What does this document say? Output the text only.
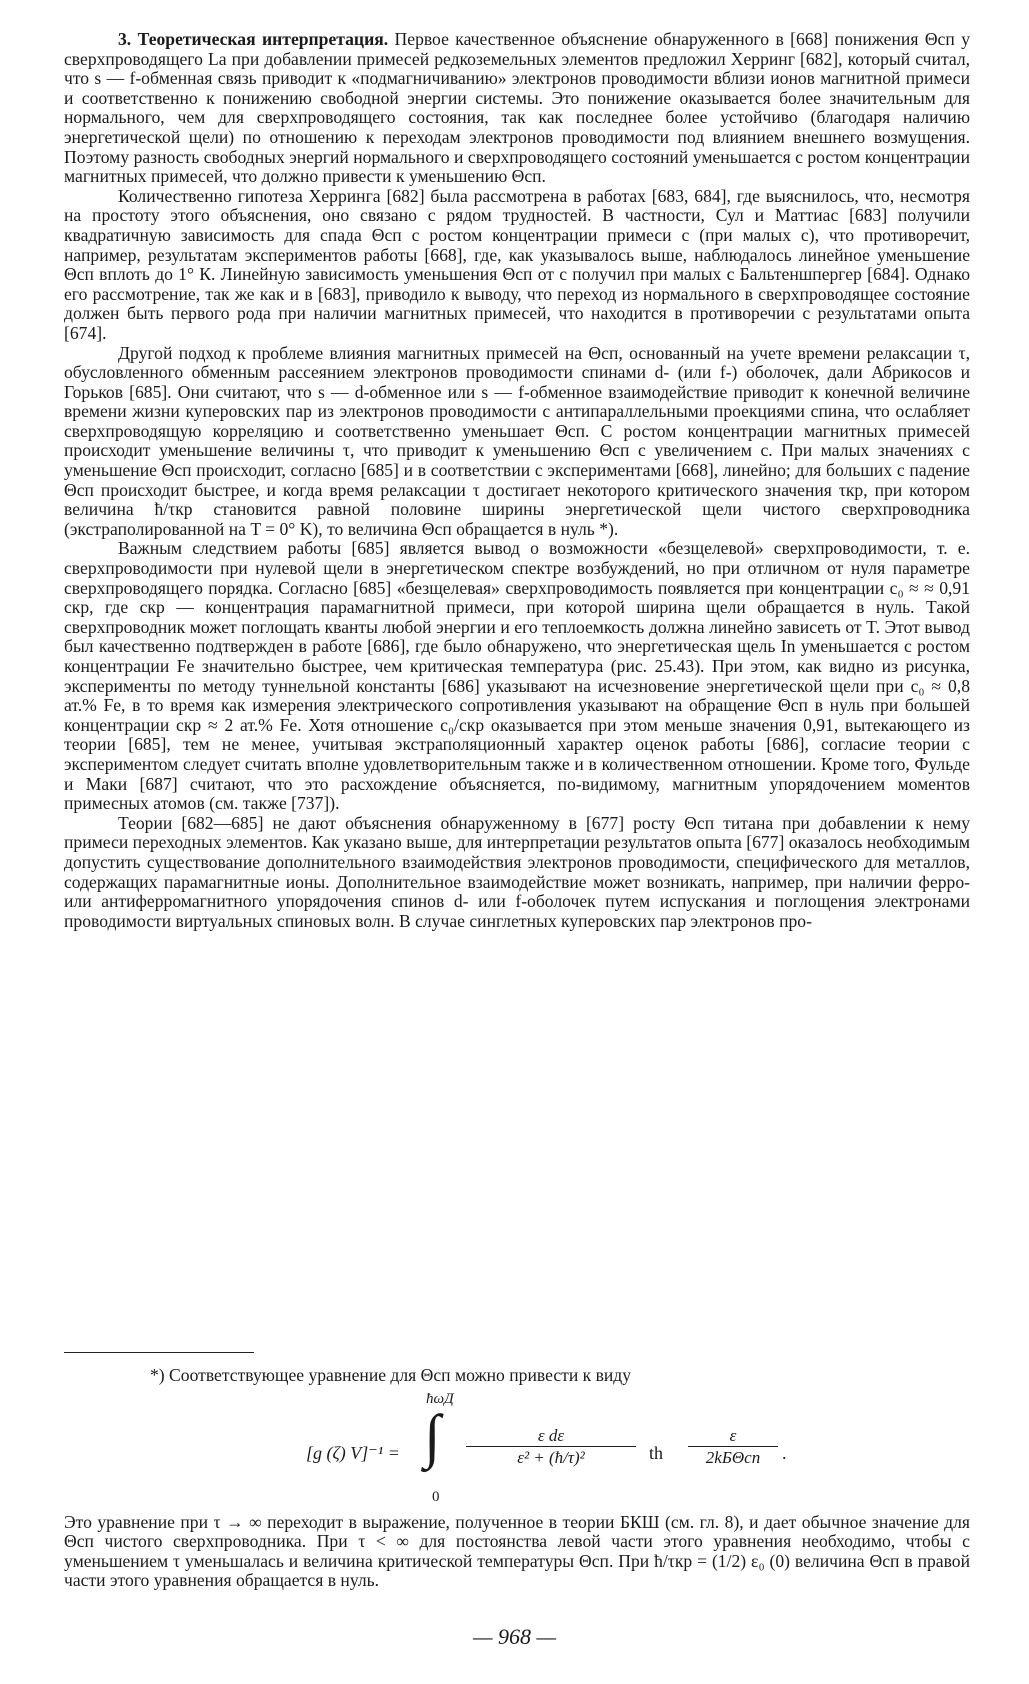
3. Теоретическая интерпретация. Первое качественное объяснение обнаруженного в [668] понижения Θсп у сверхпроводящего La при добавлении примесей редкоземельных элементов предложил Херринг [682], который считал, что s — f-обменная связь приводит к «подмагничиванию» электронов проводимости вблизи ионов магнитной примеси и соответственно к понижению свободной энергии системы. Это понижение оказывается более значительным для нормального, чем для сверхпроводящего состояния, так как последнее более устойчиво (благодаря наличию энергетической щели) по отношению к переходам электронов проводимости под влиянием внешнего возмущения. Поэтому разность свободных энергий нормального и сверхпроводящего состояний уменьшается с ростом концентрации магнитных примесей, что должно привести к уменьшению Θсп.

Количественно гипотеза Херринга [682] была рассмотрена в работах [683, 684], где выяснилось, что, несмотря на простоту этого объяснения, оно связано с рядом трудностей. В частности, Сул и Маттиас [683] получили квадратичную зависимость для спада Θсп с ростом концентрации примеси c (при малых c), что противоречит, например, результатам экспериментов работы [668], где, как указывалось выше, наблюдалось линейное уменьшение Θсп вплоть до 1° К. Линейную зависимость уменьшения Θсп от c получил при малых c Бальтеншпергер [684]. Однако его рассмотрение, так же как и в [683], приводило к выводу, что переход из нормального в сверхпроводящее состояние должен быть первого рода при наличии магнитных примесей, что находится в противоречии с результатами опыта [674].

Другой подход к проблеме влияния магнитных примесей на Θсп, основанный на учете времени релаксации τ, обусловленного обменным рассеянием электронов проводимости спинами d- (или f-) оболочек, дали Абрикосов и Горьков [685]. Они считают, что s — d-обменное или s — f-обменное взаимодействие приводит к конечной величине времени жизни куперовских пар из электронов проводимости с антипараллельными проекциями спина, что ослабляет сверхпроводящую корреляцию и соответственно уменьшает Θсп. С ростом концентрации магнитных примесей происходит уменьшение величины τ, что приводит к уменьшению Θсп с увеличением c. При малых значениях c уменьшение Θсп происходит, согласно [685] и в соответствии с экспериментами [668], линейно; для больших c падение Θсп происходит быстрее, и когда время релаксации τ достигает некоторого критического значения τкр, при котором величина ħ/τкр становится равной половине ширины энергетической щели чистого сверхпроводника (экстраполированной на T = 0° K), то величина Θсп обращается в нуль *).

Важным следствием работы [685] является вывод о возможности «безщелевой» сверхпроводимости, т. е. сверхпроводимости при нулевой щели в энергетическом спектре возбуждений, но при отличном от нуля параметре сверхпроводящего порядка. Согласно [685] «безщелевая» сверхпроводимость появляется при концентрации c₀ ≈ ≈ 0,91 cкр, где cкр — концентрация парамагнитной примеси, при которой ширина щели обращается в нуль. Такой сверхпроводник может поглощать кванты любой энергии и его теплоемкость должна линейно зависеть от T. Этот вывод был качественно подтвержден в работе [686], где было обнаружено, что энергетическая щель In уменьшается с ростом концентрации Fe значительно быстрее, чем критическая температура (рис. 25.43). При этом, как видно из рисунка, эксперименты по методу туннельной константы [686] указывают на исчезновение энергетической щели при c₀ ≈ 0,8 ат.% Fe, в то время как измерения электрического сопротивления указывают на обращение Θсп в нуль при большей концентрации cкр ≈ 2 ат.% Fe. Хотя отношение c₀/cкр оказывается при этом меньше значения 0,91, вытекающего из теории [685], тем не менее, учитывая экстраполяционный характер оценок работы [686], согласие теории с экспериментом следует считать вполне удовлетворительным также и в количественном отношении. Кроме того, Фульде и Маки [687] считают, что это расхождение объясняется, по-видимому, магнитным упорядочением моментов примесных атомов (см. также [737]).

Теории [682—685] не дают объяснения обнаруженному в [677] росту Θсп титана при добавлении к нему примеси переходных элементов. Как указано выше, для интерпретации результатов опыта [677] оказалось необходимым допустить существование дополнительного взаимодействия электронов проводимости, специфического для металлов, содержащих парамагнитные ионы. Дополнительное взаимодействие может возникать, например, при наличии ферро- или антиферромагнитного упорядочения спинов d- или f-оболочек путем испускания и поглощения электронами проводимости виртуальных спиновых волн. В случае синглетных куперовских пар электронов про-

*) Соответствующее уравнение для Θсп можно привести к виду

[g (ζ) V]⁻¹ =
ħωД
∫
0
$\frac{\text{ε dε}}{\text{ε² + (ħ/τ)²}}$ th
ε
2kБΘсп	.

Это уравнение при τ → ∞ переходит в выражение, полученное в теории БКШ (см. гл. 8), и дает обычное значение для Θсп чистого сверхпроводника. При τ < ∞ для постоянства левой части этого уравнения необходимо, чтобы с уменьшением τ уменьшалась и величина критической температуры Θсп. При ħ/τкр = (1/2) ε₀ (0) величина Θсп в правой части этого уравнения обращается в нуль.

— 968 —
